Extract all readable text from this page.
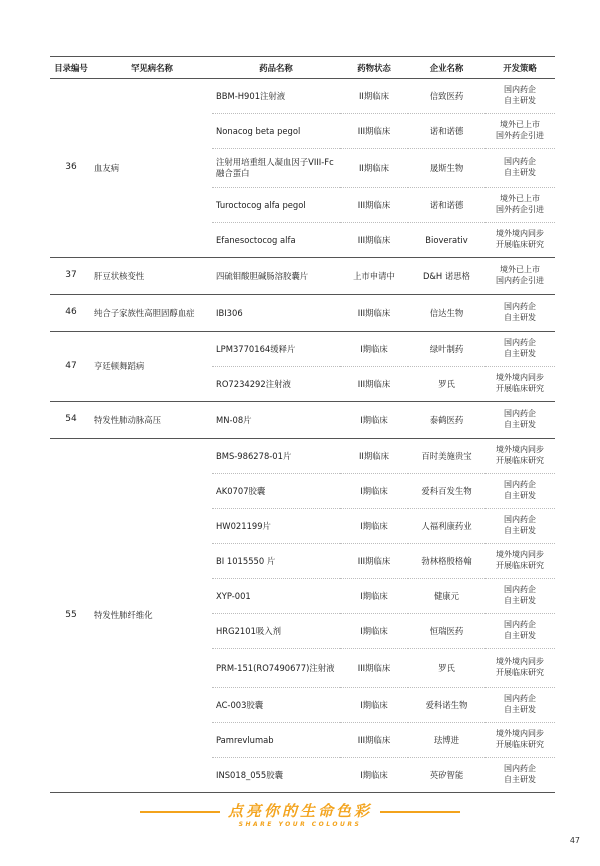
目录编号	罕见病名称	药品名称	药物状态	企业名称	开发策略
36	血友病	BBM-H901注射液	II期临床	信致医药	国内药企
自主研发

		Nonacog beta pegol	III期临床	诺和诺德	境外已上市
国外药企引进

		注射用培重组人凝血因子VIII-Fc融合蛋白	II期临床	晟斯生物	国内药企
自主研发

		Turoctocog alfa pegol	III期临床	诺和诺德	境外已上市
国外药企引进

		Efanesoctocog alfa	III期临床	Bioverativ	境外境内同步
开展临床研究

37	肝豆状核变性	四硫钼酸胆碱肠溶胶囊片	上市申请中	D&H 诺思格	境外已上市
国内药企引进

46	纯合子家族性高胆固醇血症	IBI306	III期临床	信达生物	国内药企
自主研发

47	亨廷顿舞蹈病	LPM3770164缓释片	I期临床	绿叶制药	国内药企
自主研发

		RO7234292注射液	III期临床	罗氏	境外境内同步
开展临床研究

54	特发性肺动脉高压	MN-08片	I期临床	泰鹤医药	国内药企
自主研发

55	特发性肺纤维化	BMS-986278-01片	II期临床	百时美施贵宝	境外境内同步
开展临床研究

		AK0707胶囊	I期临床	爱科百发生物	国内药企
自主研发

		HW021199片	I期临床	人福利康药业	国内药企
自主研发

		BI 1015550 片	III期临床	勃林格殷格翰	境外境内同步
开展临床研究

		XYP-001	I期临床	健康元	国内药企
自主研发

		HRG2101吸入剂	I期临床	恒瑞医药	国内药企
自主研发

		PRM-151(RO7490677)注射液	III期临床	罗氏	境外境内同步
开展临床研究

		AC-003胶囊	I期临床	爱科诺生物	国内药企
自主研发

		Pamrevlumab	III期临床	珐博进	境外境内同步
开展临床研究

		INS018_055胶囊	I期临床	英矽智能	国内药企
自主研发
点亮你的生命色彩
SHARE YOUR COLOURS
47
